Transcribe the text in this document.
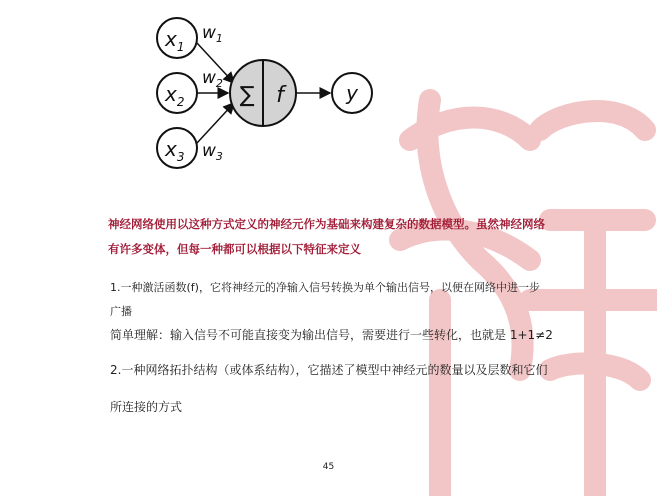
$x_1$
$x_2$
$x_3$
$w_1$
$w_2$
$w_3$
∑ f	y

神经网络使用以这种方式定义的神经元作为基础来构建复杂的数据模型。虽然神经网络有许多变体，但每一种都可以根据以下特征来定义

1.一种激活函数(f)，它将神经元的净输入信号转换为单个输出信号，以便在网络中进一步广播

简单理解：输入信号不可能直接变为输出信号，需要进行一些转化，也就是 1+1≠2

2.一种网络拓扑结构（或体系结构），它描述了模型中神经元的数量以及层数和它们

所连接的方式

45
